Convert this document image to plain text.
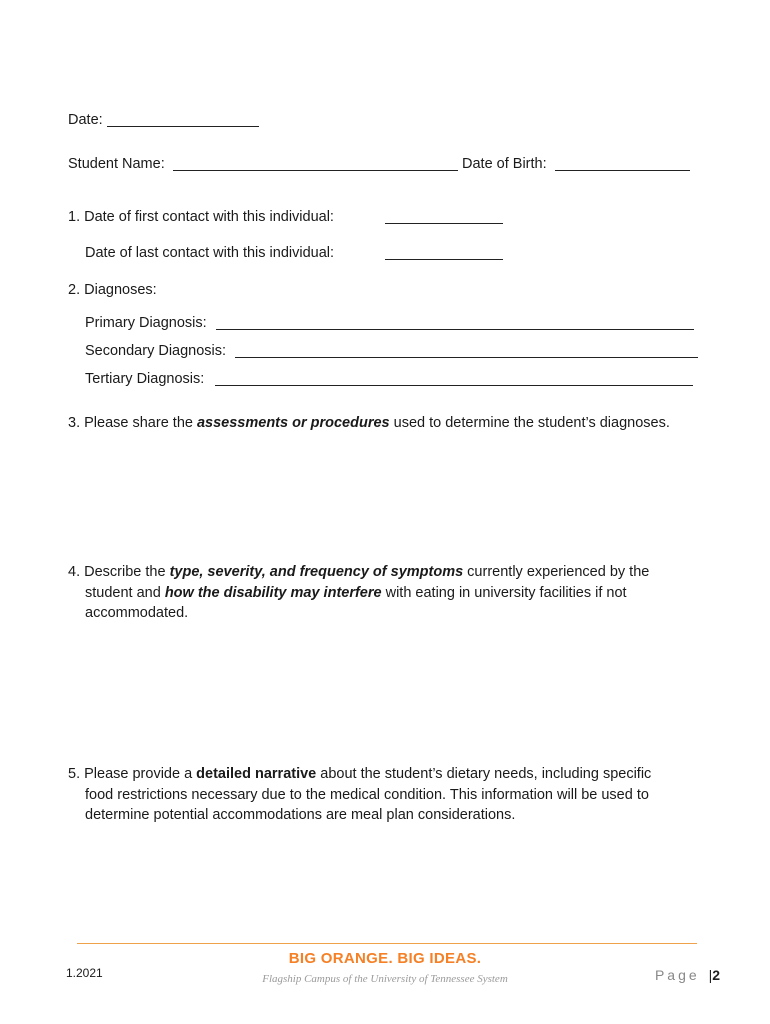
Date:
Student Name:	Date of Birth:
1. Date of first contact with this individual:
Date of last contact with this individual:
2. Diagnoses:
Primary Diagnosis:
Secondary Diagnosis:
Tertiary Diagnosis:
3. Please share the assessments or procedures used to determine the student’s diagnoses.
4. Describe the type, severity, and frequency of symptoms currently experienced by the
student and how the disability may interfere with eating in university facilities if not
accommodated.
5. Please provide a detailed narrative about the student’s dietary needs, including specific
food restrictions necessary due to the medical condition. This information will be used to
determine potential accommodations are meal plan considerations.
BIG ORANGE. BIG IDEAS.
Flagship Campus of the University of Tennessee System
1.2021	Page |2
